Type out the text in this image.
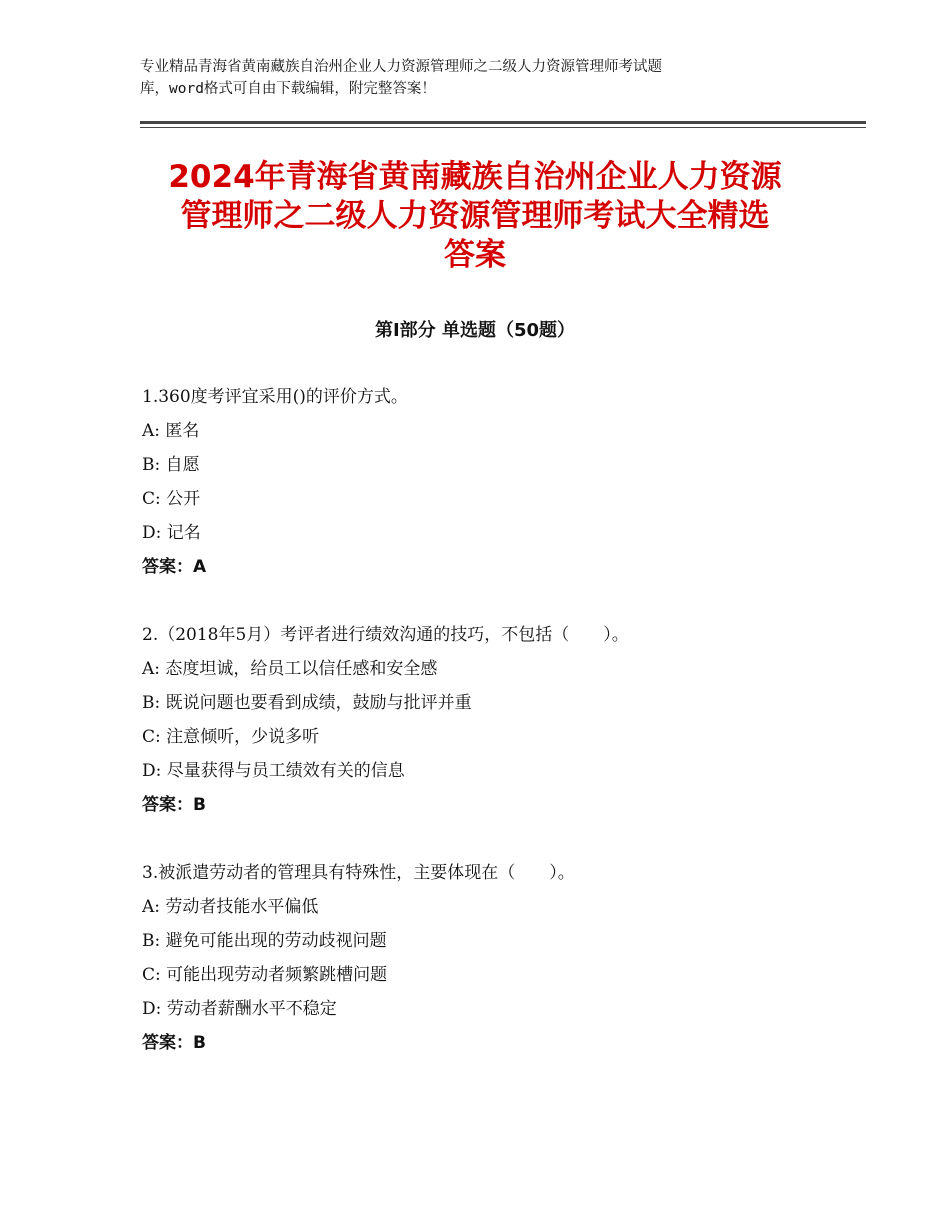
专业精品青海省黄南藏族自治州企业人力资源管理师之二级人力资源管理师考试题
库，word格式可自由下载编辑，附完整答案！
2024年青海省黄南藏族自治州企业人力资源
管理师之二级人力资源管理师考试大全精选
答案
第Ⅰ部分 单选题（50题）
1.360度考评宜采用()的评价方式。
A: 匿名
B: 自愿
C: 公开
D: 记名
答案：A
2.（2018年5月）考评者进行绩效沟通的技巧，不包括（　　）。
A: 态度坦诚，给员工以信任感和安全感
B: 既说问题也要看到成绩，鼓励与批评并重
C: 注意倾听，少说多听
D: 尽量获得与员工绩效有关的信息
答案：B
3.被派遣劳动者的管理具有特殊性，主要体现在（　　）。
A: 劳动者技能水平偏低
B: 避免可能出现的劳动歧视问题
C: 可能出现劳动者频繁跳槽问题
D: 劳动者薪酬水平不稳定
答案：B
